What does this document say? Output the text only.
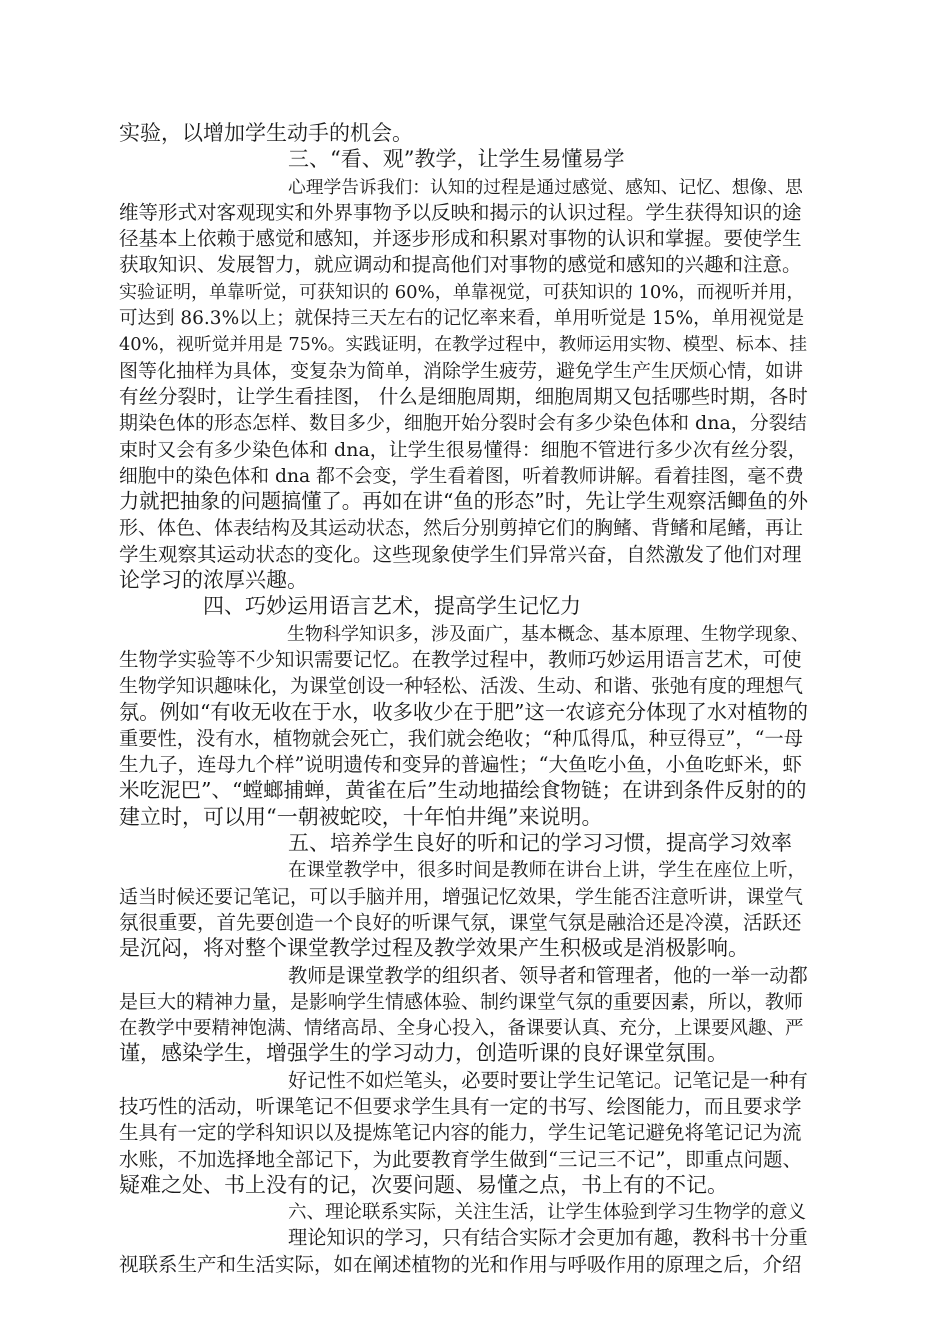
实验，以增加学生动手的机会。
三、“看、观”教学，让学生易懂易学
心理学告诉我们：认知的过程是通过感觉、感知、记忆、想像、思
维等形式对客观现实和外界事物予以反映和揭示的认识过程。学生获得知识的途
径基本上依赖于感觉和感知，并逐步形成和积累对事物的认识和掌握。要使学生
获取知识、发展智力，就应调动和提高他们对事物的感觉和感知的兴趣和注意。
实验证明，单靠听觉，可获知识的 60%，单靠视觉，可获知识的 10%，而视听并用，
可达到 86.3%以上；就保持三天左右的记忆率来看，单用听觉是 15%，单用视觉是
40%，视听觉并用是 75%。实践证明，在教学过程中，教师运用实物、模型、标本、挂
图等化抽样为具体，变复杂为简单，消除学生疲劳，避免学生产生厌烦心情，如讲
有丝分裂时，让学生看挂图， 什么是细胞周期，细胞周期又包括哪些时期，各时
期染色体的形态怎样、数目多少，细胞开始分裂时会有多少染色体和 dna，分裂结
束时又会有多少染色体和 dna，让学生很易懂得：细胞不管进行多少次有丝分裂，
细胞中的染色体和 dna 都不会变，学生看着图，听着教师讲解。看着挂图，毫不费
力就把抽象的问题搞懂了。再如在讲“鱼的形态”时，先让学生观察活鲫鱼的外
形、体色、体表结构及其运动状态，然后分别剪掉它们的胸鳍、背鳍和尾鳍，再让
学生观察其运动状态的变化。这些现象使学生们异常兴奋，自然激发了他们对理
论学习的浓厚兴趣。
四、巧妙运用语言艺术，提高学生记忆力
生物科学知识多，涉及面广，基本概念、基本原理、生物学现象、
生物学实验等不少知识需要记忆。在教学过程中，教师巧妙运用语言艺术，可使
生物学知识趣味化，为课堂创设一种轻松、活泼、生动、和谐、张弛有度的理想气
氛。例如“有收无收在于水，收多收少在于肥”这一农谚充分体现了水对植物的
重要性，没有水，植物就会死亡，我们就会绝收；“种瓜得瓜，种豆得豆”，“一母
生九子，连母九个样”说明遗传和变异的普遍性；“大鱼吃小鱼，小鱼吃虾米，虾
米吃泥巴”、“螳螂捕蝉，黄雀在后”生动地描绘食物链；在讲到条件反射的的
建立时，可以用“一朝被蛇咬，十年怕井绳”来说明。
五、培养学生良好的听和记的学习习惯，提高学习效率
在课堂教学中，很多时间是教师在讲台上讲，学生在座位上听，
适当时候还要记笔记，可以手脑并用，增强记忆效果，学生能否注意听讲，课堂气
氛很重要，首先要创造一个良好的听课气氛，课堂气氛是融洽还是冷漠，活跃还
是沉闷，将对整个课堂教学过程及教学效果产生积极或是消极影响。
教师是课堂教学的组织者、领导者和管理者，他的一举一动都
是巨大的精神力量，是影响学生情感体验、制约课堂气氛的重要因素，所以，教师
在教学中要精神饱满、情绪高昂、全身心投入，备课要认真、充分，上课要风趣、严
谨，感染学生，增强学生的学习动力，创造听课的良好课堂氛围。
好记性不如烂笔头，必要时要让学生记笔记。记笔记是一种有
技巧性的活动，听课笔记不但要求学生具有一定的书写、绘图能力，而且要求学
生具有一定的学科知识以及提炼笔记内容的能力，学生记笔记避免将笔记记为流
水账，不加选择地全部记下，为此要教育学生做到“三记三不记”，即重点问题、
疑难之处、书上没有的记，次要问题、易懂之点，书上有的不记。
六、理论联系实际，关注生活，让学生体验到学习生物学的意义
理论知识的学习，只有结合实际才会更加有趣，教科书十分重
视联系生产和生活实际，如在阐述植物的光和作用与呼吸作用的原理之后，介绍
